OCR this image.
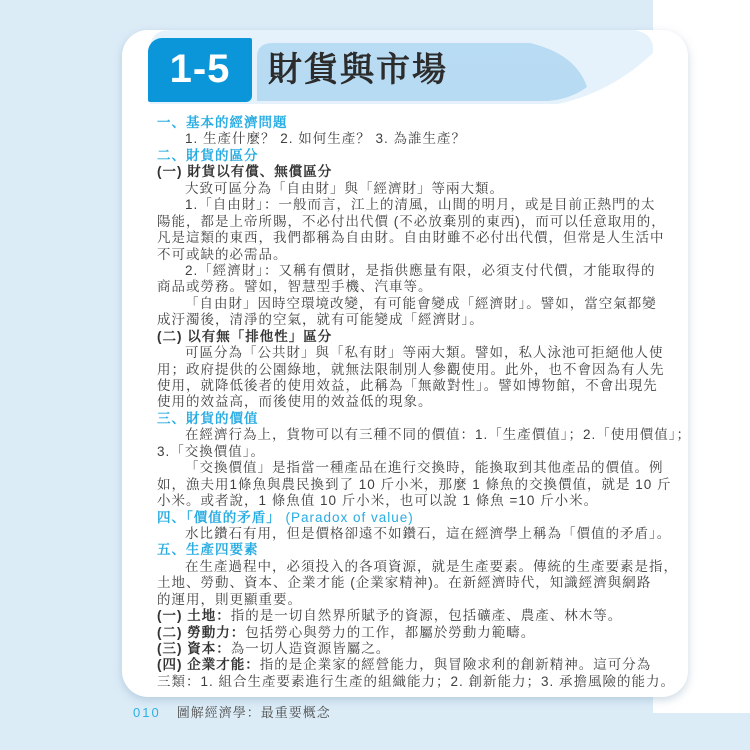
1-5 財貨與市場
一、基本的經濟問題
1. 生產什麼？ 2. 如何生產？ 3. 為誰生產？
二、財貨的區分
(一) 財貨以有償、無償區分
大致可區分為「自由財」與「經濟財」等兩大類。
1.「自由財」：一般而言，江上的清風，山間的明月，或是目前正熱門的太
陽能，都是上帝所賜，不必付出代價 (不必放棄別的東西)，而可以任意取用的，
凡是這類的東西，我們都稱為自由財。自由財雖不必付出代價，但常是人生活中
不可或缺的必需品。
2.「經濟財」：又稱有價財，是指供應量有限，必須支付代價，才能取得的
商品或勞務。譬如，智慧型手機、汽車等。
「自由財」因時空環境改變，有可能會變成「經濟財」。譬如，當空氣都變
成汙濁後，清淨的空氣，就有可能變成「經濟財」。
(二) 以有無「排他性」區分
可區分為「公共財」與「私有財」等兩大類。譬如，私人泳池可拒絕他人使
用；政府提供的公園綠地，就無法限制別人參觀使用。此外，也不會因為有人先
使用，就降低後者的使用效益，此稱為「無敵對性」。譬如博物館，不會出現先
使用的效益高，而後使用的效益低的現象。
三、財貨的價值
在經濟行為上，貨物可以有三種不同的價值：1.「生產價值」；2.「使用價值」；
3.「交換價值」。
「交換價值」是指當一種產品在進行交換時，能換取到其他產品的價值。例
如，漁夫用1條魚與農民換到了 10 斤小米，那麼 1 條魚的交換價值，就是 10 斤
小米。或者說，1 條魚值 10 斤小米，也可以說 1 條魚 =10 斤小米。
四、「價值的矛盾」 (Paradox of value)
水比鑽石有用，但是價格卻遠不如鑽石，這在經濟學上稱為「價值的矛盾」。
五、生產四要素
在生產過程中，必須投入的各項資源，就是生產要素。傳統的生產要素是指，
土地、勞動、資本、企業才能 (企業家精神)。在新經濟時代，知識經濟與網路
的運用，則更顯重要。
(一) 土地：指的是一切自然界所賦予的資源，包括礦產、農產、林木等。
(二) 勞動力：包括勞心與勞力的工作，都屬於勞動力範疇。
(三) 資本：為一切人造資源皆屬之。
(四) 企業才能：指的是企業家的經營能力，與冒險求利的創新精神。這可分為
三類：1. 組合生產要素進行生產的組織能力；2. 創新能力；3. 承擔風險的能力。
010 圖解經濟學：最重要概念
